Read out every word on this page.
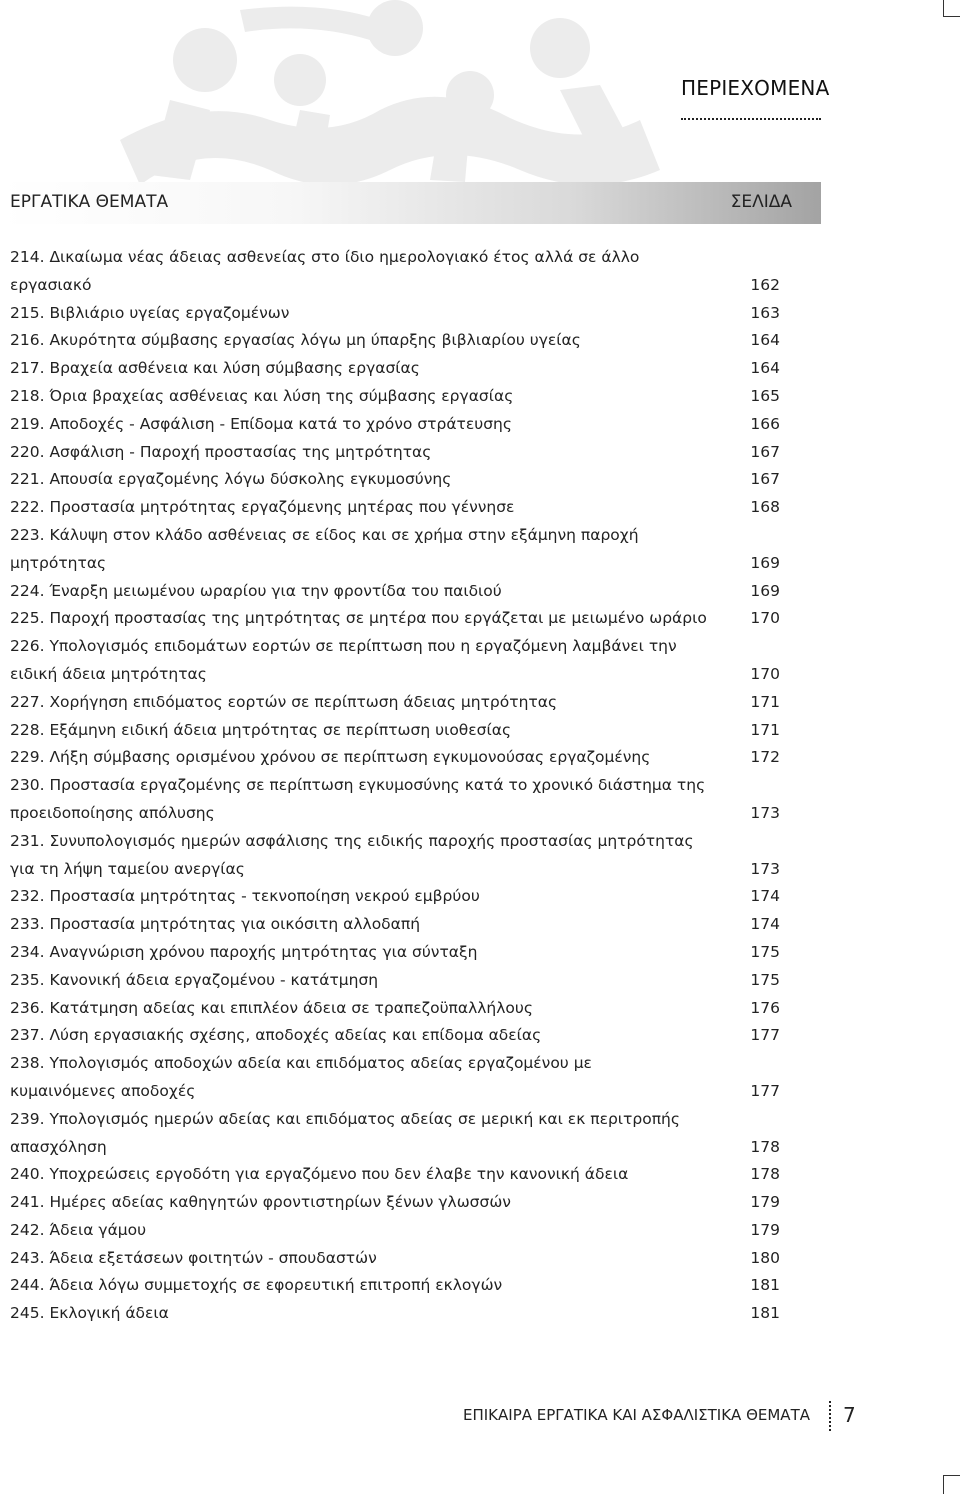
ΠΕΡΙΕΧΟΜΕΝΑ
ΕΡΓΑΤΙΚΑ ΘΕΜΑΤΑ	ΣΕΛΙΔΑ
214. Δικαίωμα νέας άδειας ασθενείας στο ίδιο ημερολογιακό έτος αλλά σε άλλο
εργασιακό	162
215. Βιβλιάριο υγείας εργαζομένων	163
216. Ακυρότητα σύμβασης εργασίας λόγω μη ύπαρξης βιβλιαρίου υγείας	164
217. Βραχεία ασθένεια και λύση σύμβασης εργασίας	164
218. Όρια βραχείας ασθένειας και λύση της σύμβασης εργασίας	165
219. Αποδοχές - Ασφάλιση - Επίδομα κατά το χρόνο στράτευσης	166
220. Ασφάλιση - Παροχή προστασίας της μητρότητας	167
221. Απουσία εργαζομένης λόγω δύσκολης εγκυμοσύνης	167
222. Προστασία μητρότητας εργαζόμενης μητέρας που γέννησε	168
223. Κάλυψη στον κλάδο ασθένειας σε είδος και σε χρήμα στην εξάμηνη παροχή
μητρότητας	169
224. Έναρξη μειωμένου ωραρίου για την φροντίδα του παιδιού	169
225. Παροχή προστασίας της μητρότητας σε μητέρα που εργάζεται με μειωμένο ωράριο	170
226. Υπολογισμός επιδομάτων εορτών σε περίπτωση που η εργαζόμενη λαμβάνει την
ειδική άδεια μητρότητας	170
227. Χορήγηση επιδόματος εορτών σε περίπτωση άδειας μητρότητας	171
228. Εξάμηνη ειδική άδεια μητρότητας σε περίπτωση υιοθεσίας	171
229. Λήξη σύμβασης ορισμένου χρόνου σε περίπτωση εγκυμονούσας εργαζομένης	172
230. Προστασία εργαζομένης σε περίπτωση εγκυμοσύνης κατά το χρονικό διάστημα της
προειδοποίησης απόλυσης	173
231. Συνυπολογισμός ημερών ασφάλισης της ειδικής παροχής προστασίας μητρότητας
για τη λήψη ταμείου ανεργίας	173
232. Προστασία μητρότητας - τεκνοποίηση νεκρού εμβρύου	174
233. Προστασία μητρότητας για οικόσιτη αλλοδαπή	174
234. Αναγνώριση χρόνου παροχής μητρότητας για σύνταξη	175
235. Κανονική άδεια εργαζομένου - κατάτμηση	175
236. Κατάτμηση αδείας και επιπλέον άδεια σε τραπεζοϋπαλλήλους	176
237. Λύση εργασιακής σχέσης, αποδοχές αδείας και επίδομα αδείας	177
238. Υπολογισμός αποδοχών αδεία και επιδόματος αδείας εργαζομένου με
κυμαινόμενες αποδοχές	177
239. Υπολογισμός ημερών αδείας και επιδόματος αδείας σε μερική και εκ περιτροπής
απασχόληση	178
240. Υποχρεώσεις εργοδότη για εργαζόμενο που δεν έλαβε την κανονική άδεια	178
241. Ημέρες αδείας καθηγητών φροντιστηρίων ξένων γλωσσών	179
242. Άδεια γάμου	179
243. Άδεια εξετάσεων φοιτητών - σπουδαστών	180
244. Άδεια λόγω συμμετοχής σε εφορευτική επιτροπή εκλογών	181
245. Εκλογική άδεια	181
ΕΠΙΚΑΙΡΑ ΕΡΓΑΤΙΚΑ ΚΑΙ ΑΣΦΑΛΙΣΤΙΚΑ ΘΕΜΑΤΑ 7
